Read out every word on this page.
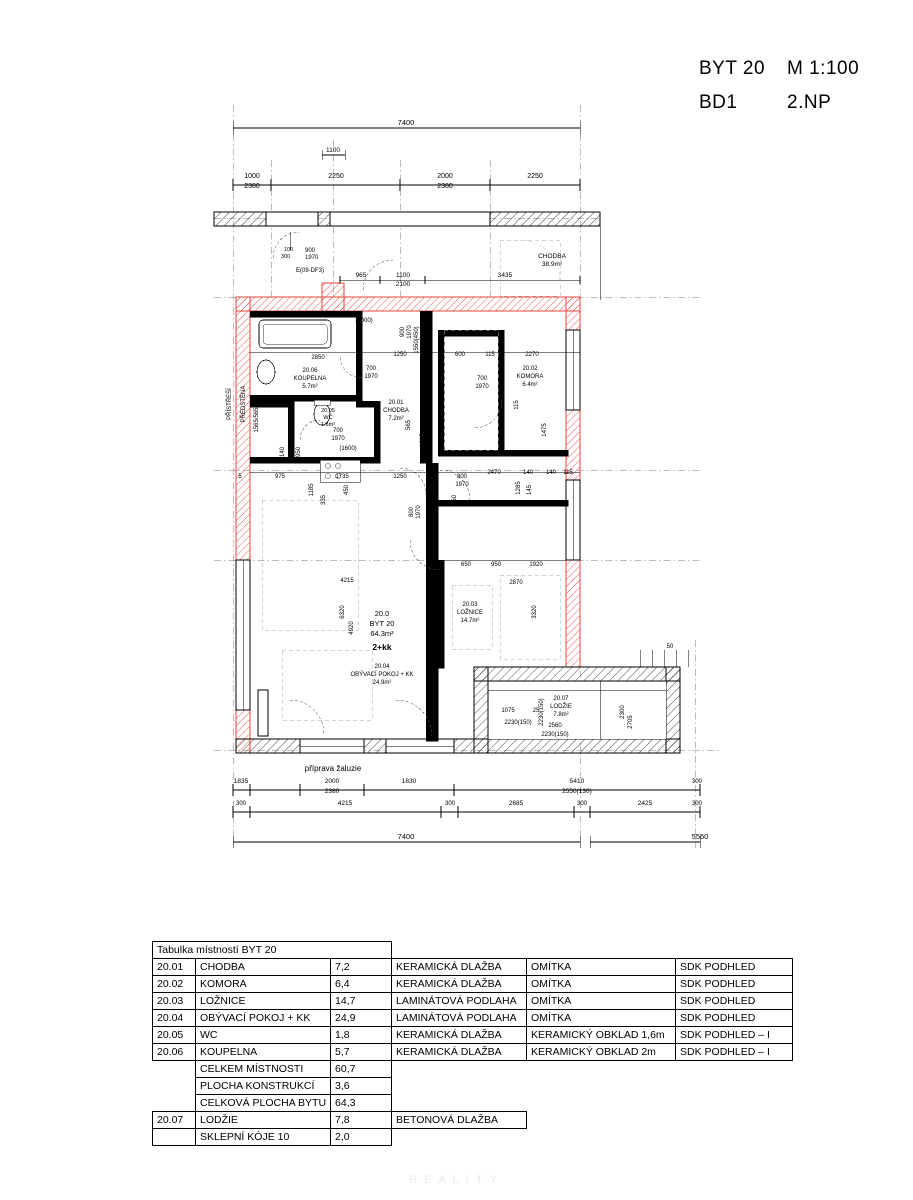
BYT 20	M 1:100
BD1	2.NP
7400
1100
1000	2250	2000	2250
2380	2380
CHODBA
38.9m²
900
1970
E(09-DF3)
100
300
965	1100
2100
3435
20.07
LODŽIE
7.8m²
2560
2230(150)
50
20.06
KOUPELNA
5.7m²
20.05
WC
1.8m²
20.01
CHODBA
7.2m²
20.02
KOMORA
6.4m²
20.03
LOŽNICE
14.7m²
20.0
BYT 20
64.3m²
2+kk
20.04
OBÝVACÍ POKOJ + KK
24.9m²
PŘEDSTĚNA
PŘÍSTŘEŠÍ
2850	1250	600	115	2270
975	1735	1250	800
1970
2470	140 140 115
5
650	950	1920
2870
4215
700
1970
700
1970
(1600)
700
1970
(2000)
2230(150)
1075	25
1565/565
140 950
1185
335
450
900 1970 1550(450) 2600
565
1815
450
800 1970
1285
1475
115
3320
145
4920
6320
2230(150)	2300
2705
příprava žaluzie
1835	2000
2380
1830	5410
2550(130)
300
300	4215	300	2685	300	2425	300
7400	5550
Tabulka místností BYT 20					
20.01	CHODBA	7,2	KERAMICKÁ DLAŽBA	OMÍTKA	SDK PODHLED
20.02	KOMORA	6,4	KERAMICKÁ DLAŽBA	OMÍTKA	SDK PODHLED
20.03	LOŽNICE	14,7	LAMINÁTOVÁ PODLAHA	OMÍTKA	SDK PODHLED
20.04	OBÝVACÍ POKOJ + KK	24,9	LAMINÁTOVÁ PODLAHA	OMÍTKA	SDK PODHLED
20.05	WC	1,8	KERAMICKÁ DLAŽBA	KERAMICKÝ OBKLAD 1,6m	SDK PODHLED – I
20.06	KOUPELNA	5,7	KERAMICKÁ DLAŽBA	KERAMICKÝ OBKLAD 2m	SDK PODHLED – I
	CELKEM MÍSTNOSTI	60,7			
	PLOCHA KONSTRUKCÍ	3,6			
	CELKOVÁ PLOCHA BYTU	64,3			
20.07	LODŽIE	7,8	BETONOVÁ DLAŽBA		
	SKLEPNÍ KÓJE 10	2,0			
REALITY
